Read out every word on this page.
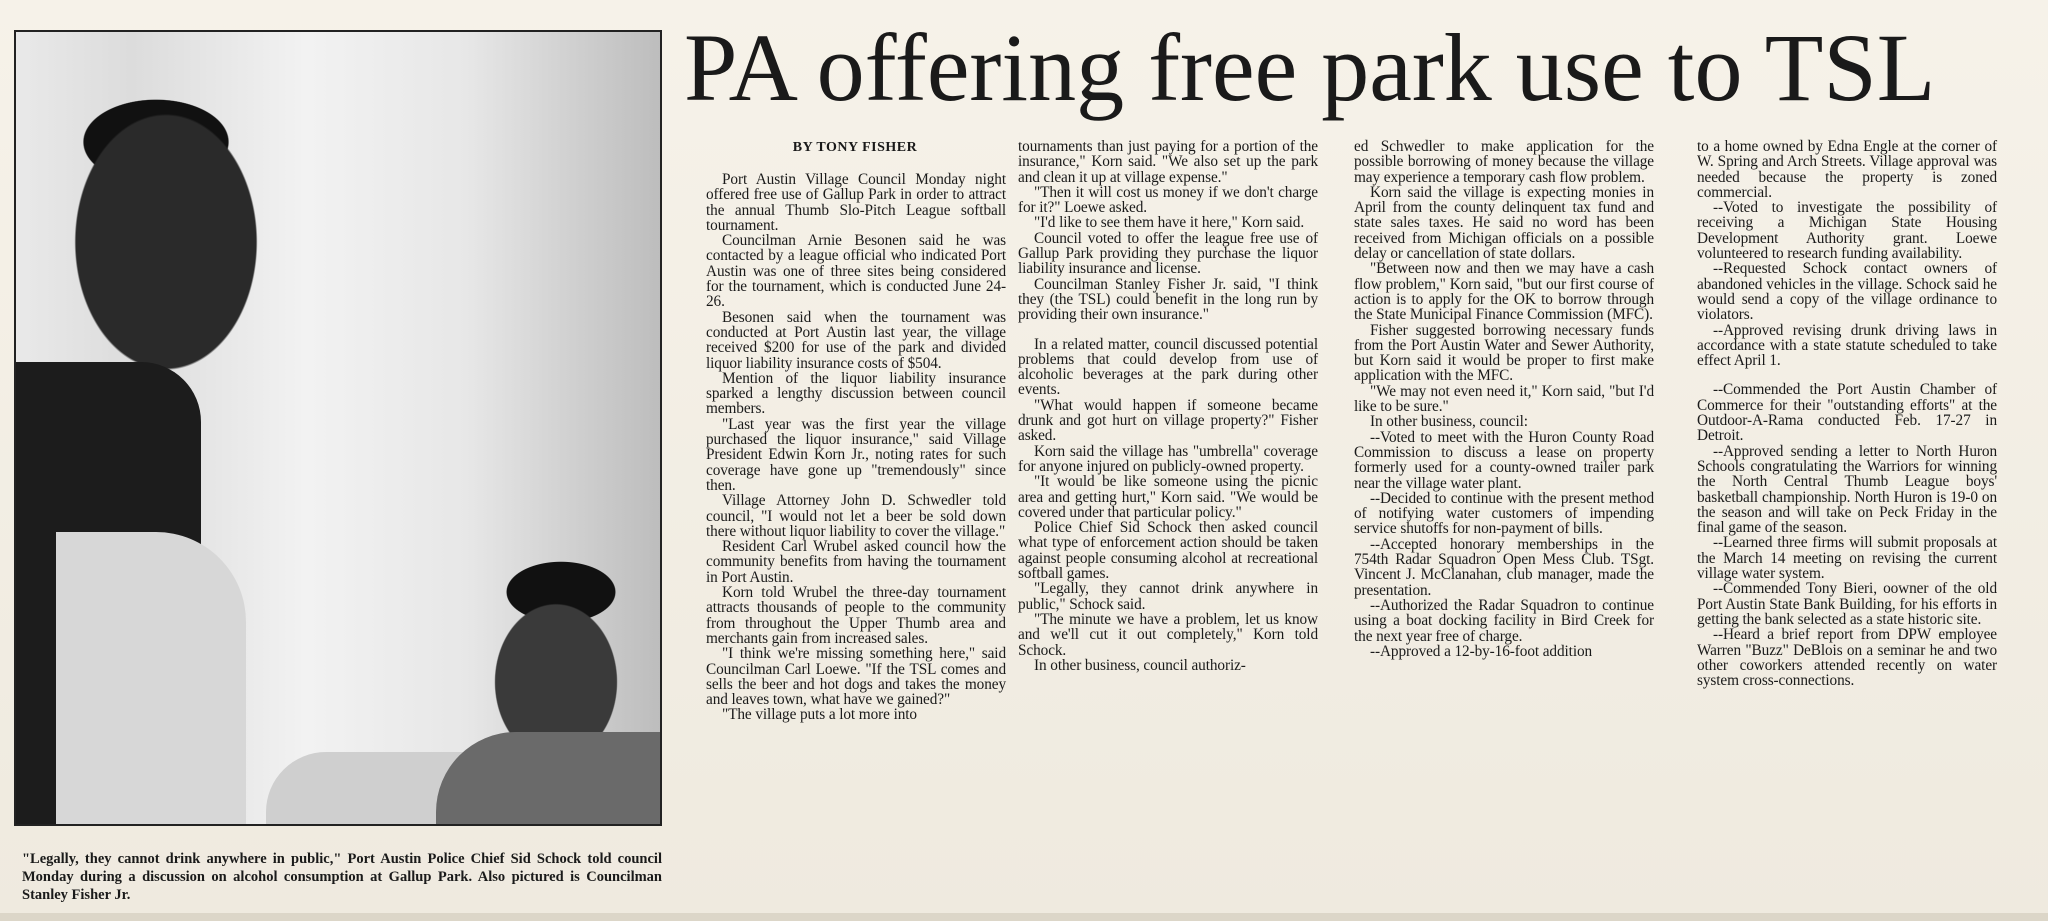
"Legally, they cannot drink anywhere in public," Port Austin Police Chief Sid Schock told council Monday during a discussion on alcohol consumption at Gallup Park. Also pictured is Councilman Stanley Fisher Jr.

PA offering free park use to TSL

BY TONY FISHER

Port Austin Village Council Monday night offered free use of Gallup Park in order to attract the annual Thumb Slo-Pitch League softball tournament.

Councilman Arnie Besonen said he was contacted by a league official who indicated Port Austin was one of three sites being considered for the tournament, which is conducted June 24-26.

Besonen said when the tournament was conducted at Port Austin last year, the village received $200 for use of the park and divided liquor liability insurance costs of $504.

Mention of the liquor liability insurance sparked a lengthy discussion between council members.

"Last year was the first year the village purchased the liquor insurance," said Village President Edwin Korn Jr., noting rates for such coverage have gone up "tremendously" since then.

Village Attorney John D. Schwedler told council, "I would not let a beer be sold down there without liquor liability to cover the village."

Resident Carl Wrubel asked council how the community benefits from having the tournament in Port Austin.

Korn told Wrubel the three-day tournament attracts thousands of people to the community from throughout the Upper Thumb area and merchants gain from increased sales.

"I think we're missing something here," said Councilman Carl Loewe. "If the TSL comes and sells the beer and hot dogs and takes the money and leaves town, what have we gained?"

"The village puts a lot more into

tournaments than just paying for a portion of the insurance," Korn said. "We also set up the park and clean it up at village expense."

"Then it will cost us money if we don't charge for it?" Loewe asked.

"I'd like to see them have it here," Korn said.

Council voted to offer the league free use of Gallup Park providing they purchase the liquor liability insurance and license.

Councilman Stanley Fisher Jr. said, "I think they (the TSL) could benefit in the long run by providing their own insurance."

In a related matter, council discussed potential problems that could develop from use of alcoholic beverages at the park during other events.

"What would happen if someone became drunk and got hurt on village property?" Fisher asked.

Korn said the village has "umbrella" coverage for anyone injured on publicly-owned property.

"It would be like someone using the picnic area and getting hurt," Korn said. "We would be covered under that particular policy."

Police Chief Sid Schock then asked council what type of enforcement action should be taken against people consuming alcohol at recreational softball games.

"Legally, they cannot drink anywhere in public," Schock said.

"The minute we have a problem, let us know and we'll cut it out completely," Korn told Schock.

In other business, council authoriz-

ed Schwedler to make application for the possible borrowing of money because the village may experience a temporary cash flow problem.

Korn said the village is expecting monies in April from the county delinquent tax fund and state sales taxes. He said no word has been received from Michigan officials on a possible delay or cancellation of state dollars.

"Between now and then we may have a cash flow problem," Korn said, "but our first course of action is to apply for the OK to borrow through the State Municipal Finance Commission (MFC).

Fisher suggested borrowing necessary funds from the Port Austin Water and Sewer Authority, but Korn said it would be proper to first make application with the MFC.

"We may not even need it," Korn said, "but I'd like to be sure."

In other business, council:

--Voted to meet with the Huron County Road Commission to discuss a lease on property formerly used for a county-owned trailer park near the village water plant.

--Decided to continue with the present method of notifying water customers of impending service shutoffs for non-payment of bills.

--Accepted honorary memberships in the 754th Radar Squadron Open Mess Club. TSgt. Vincent J. McClanahan, club manager, made the presentation.

--Authorized the Radar Squadron to continue using a boat docking facility in Bird Creek for the next year free of charge.

--Approved a 12-by-16-foot addition

to a home owned by Edna Engle at the corner of W. Spring and Arch Streets. Village approval was needed because the property is zoned commercial.

--Voted to investigate the possibility of receiving a Michigan State Housing Development Authority grant. Loewe volunteered to research funding availability.

--Requested Schock contact owners of abandoned vehicles in the village. Schock said he would send a copy of the village ordinance to violators.

--Approved revising drunk driving laws in accordance with a state statute scheduled to take effect April 1.

--Commended the Port Austin Chamber of Commerce for their "outstanding efforts" at the Outdoor-A-Rama conducted Feb. 17-27 in Detroit.

--Approved sending a letter to North Huron Schools congratulating the Warriors for winning the North Central Thumb League boys' basketball championship. North Huron is 19-0 on the season and will take on Peck Friday in the final game of the season.

--Learned three firms will submit proposals at the March 14 meeting on revising the current village water system.

--Commended Tony Bieri, oowner of the old Port Austin State Bank Building, for his efforts in getting the bank selected as a state historic site.

--Heard a brief report from DPW employee Warren "Buzz" DeBlois on a seminar he and two other coworkers attended recently on water system cross-connections.
